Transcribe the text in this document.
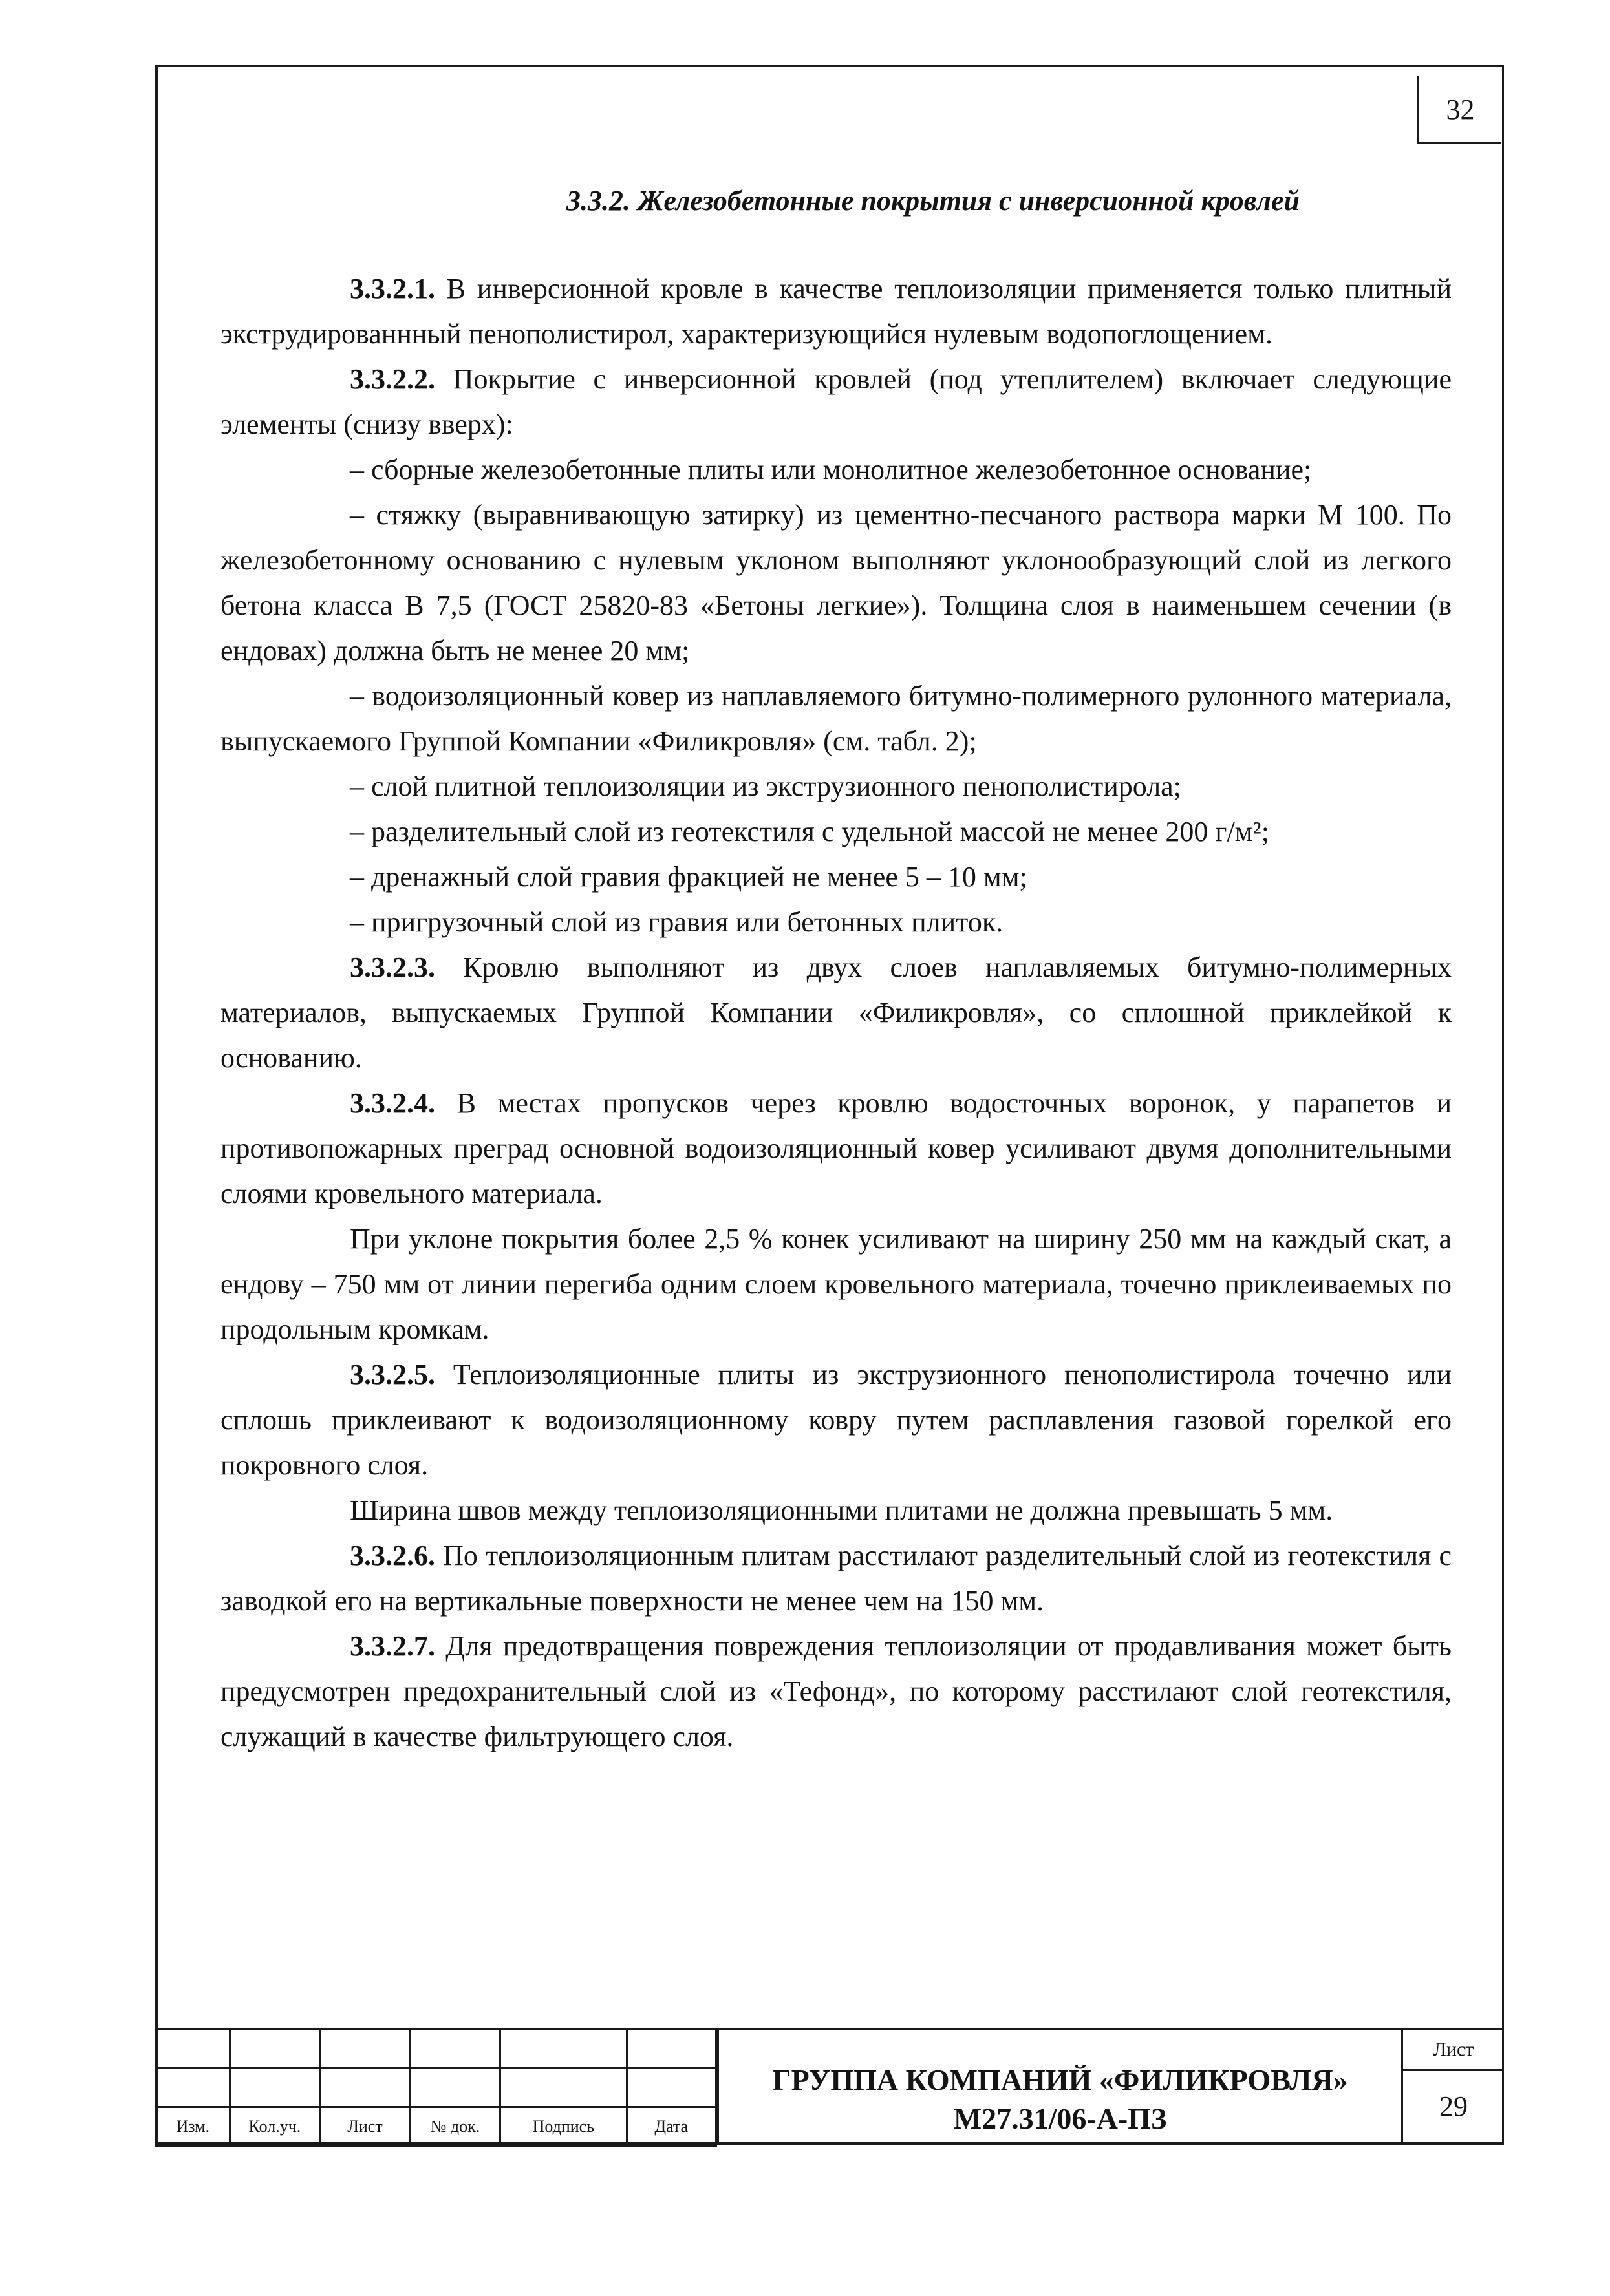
32
3.3.2. Железобетонные покрытия с инверсионной кровлей

3.3.2.1. В инверсионной кровле в качестве теплоизоляции применяется только плитный экструдированнный пенополистирол, характеризующийся нулевым водопоглощением.

3.3.2.2. Покрытие с инверсионной кровлей (под утеплителем) включает следующие элементы (снизу вверх):

– сборные железобетонные плиты или монолитное железобетонное основание;

– стяжку (выравнивающую затирку) из цементно-песчаного раствора марки М 100. По железобетонному основанию с нулевым уклоном выполняют уклонообразующий слой из легкого бетона класса В 7,5 (ГОСТ 25820-83 «Бетоны легкие»). Толщина слоя в наименьшем сечении (в ендовах) должна быть не менее 20 мм;

– водоизоляционный ковер из наплавляемого битумно-полимерного рулонного материала, выпускаемого Группой Компании «Филикровля» (см. табл. 2);

– слой плитной теплоизоляции из экструзионного пенополистирола;

– разделительный слой из геотекстиля с удельной массой не менее 200 г/м²;

– дренажный слой гравия фракцией не менее 5 – 10 мм;

– пригрузочный слой из гравия или бетонных плиток.

3.3.2.3. Кровлю выполняют из двух слоев наплавляемых битумно-полимерных материалов, выпускаемых Группой Компании «Филикровля», со сплошной приклейкой к основанию.

3.3.2.4. В местах пропусков через кровлю водосточных воронок, у парапетов и противопожарных преград основной водоизоляционный ковер усиливают двумя дополнительными слоями кровельного материала.

При уклоне покрытия более 2,5 % конек усиливают на ширину 250 мм на каждый скат, а ендову – 750 мм от линии перегиба одним слоем кровельного материала, точечно приклеиваемых по продольным кромкам.

3.3.2.5. Теплоизоляционные плиты из экструзионного пенополистирола точечно или сплошь приклеивают к водоизоляционному ковру путем расплавления газовой горелкой его покровного слоя.

Ширина швов между теплоизоляционными плитами не должна превышать 5 мм.

3.3.2.6. По теплоизоляционным плитам расстилают разделительный слой из геотекстиля с заводкой его на вертикальные поверхности не менее чем на 150 мм.

3.3.2.7. Для предотвращения повреждения теплоизоляции от продавливания может быть предусмотрен предохранительный слой из «Тефонд», по которому расстилают слой геотекстиля, служащий в качестве фильтрующего слоя.

Изм.	Кол.уч.	Лист	№ док.	Подпись	Дата
ГРУППА КОМПАНИЙ «ФИЛИКРОВЛЯ»
М27.31/06-А-ПЗ
Лист
29
